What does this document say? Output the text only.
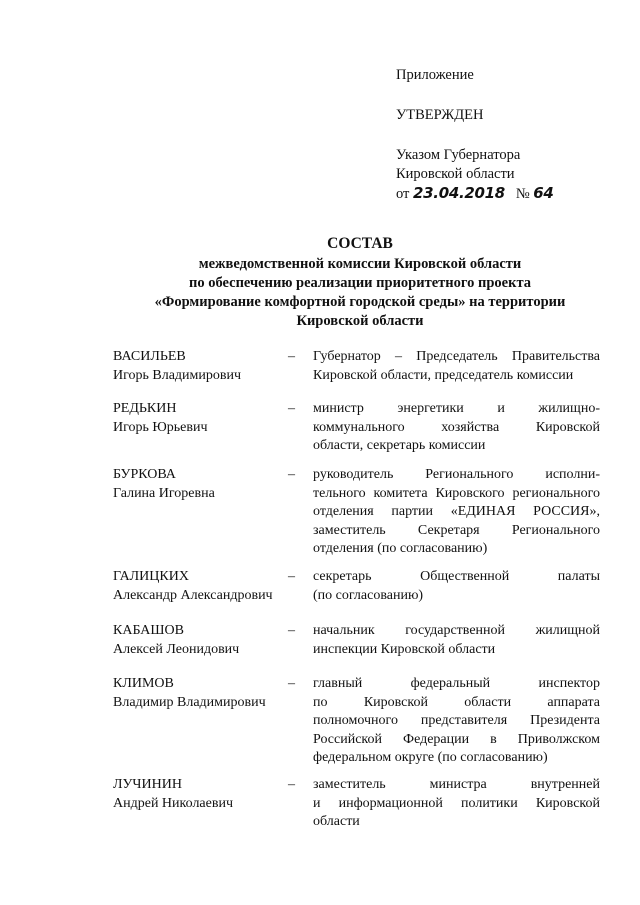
Приложение
УТВЕРЖДЕН
Указом Губернатора
Кировской области
от 23.04.2018 № 64
СОСТАВ
межведомственной комиссии Кировской области
по обеспечению реализации приоритетного проекта
«Формирование комфортной городской среды» на территории
Кировской области
ВАСИЛЬЕВ
Игорь Владимирович
– Губернатор – Председатель Правительства
Кировской области, председатель комиссии
РЕДЬКИН
Игорь Юрьевич
– министр энергетики и жилищно-
коммунального хозяйства Кировской
области, секретарь комиссии
БУРКОВА
Галина Игоревна
– руководитель Регионального исполни-
тельного комитета Кировского регионального
отделения партии «ЕДИНАЯ РОССИЯ»,
заместитель Секретаря Регионального
отделения (по согласованию)
ГАЛИЦКИХ
Александр Александрович
– секретарь Общественной палаты
(по согласованию)
КАБАШОВ
Алексей Леонидович
– начальник государственной жилищной
инспекции Кировской области
КЛИМОВ
Владимир Владимирович
– главный федеральный инспектор
по Кировской области аппарата
полномочного представителя Президента
Российской Федерации в Приволжском
федеральном округе (по согласованию)
ЛУЧИНИН
Андрей Николаевич
– заместитель министра внутренней
и информационной политики Кировской
области
